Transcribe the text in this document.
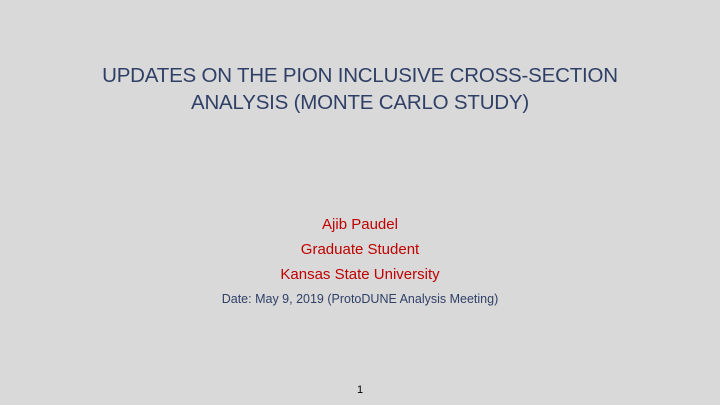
UPDATES ON THE PION INCLUSIVE CROSS-SECTION
ANALYSIS (MONTE CARLO STUDY)
Ajib Paudel
Graduate Student
Kansas State University
Date: May 9, 2019 (ProtoDUNE Analysis Meeting)
1
